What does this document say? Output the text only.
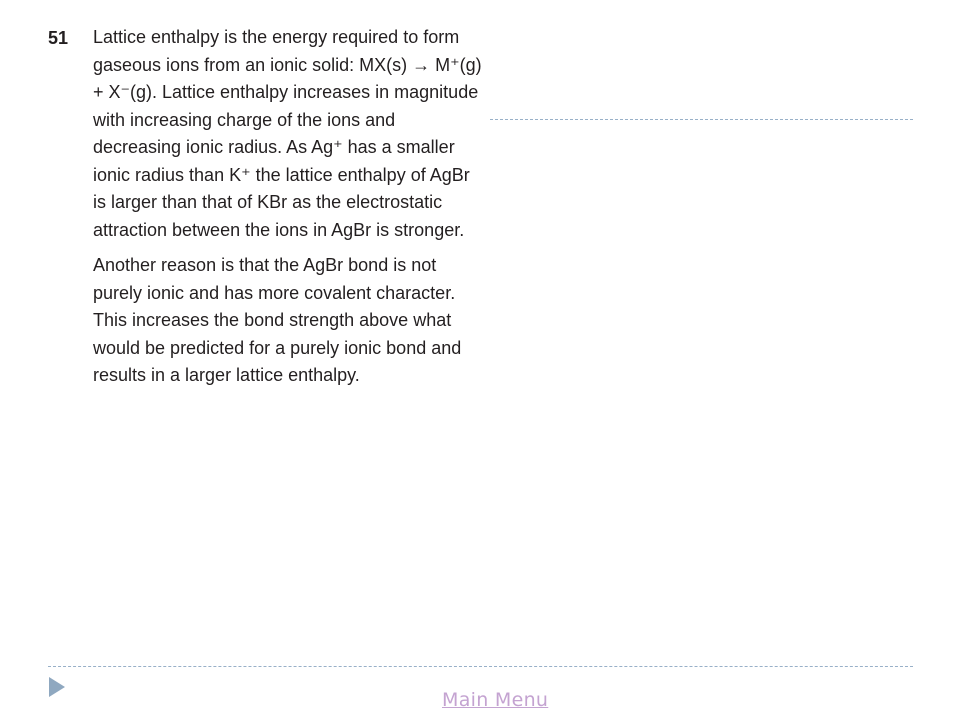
51 Lattice enthalpy is the energy required to form
gaseous ions from an ionic solid: MX(s) → M⁺(g)
+ X⁻(g). Lattice enthalpy increases in magnitude
with increasing charge of the ions and
decreasing ionic radius. As Ag⁺ has a smaller
ionic radius than K⁺ the lattice enthalpy of AgBr
is larger than that of KBr as the electrostatic
attraction between the ions in AgBr is stronger.

Another reason is that the AgBr bond is not
purely ionic and has more covalent character.
This increases the bond strength above what
would be predicted for a purely ionic bond and
results in a larger lattice enthalpy.

Main Menu
